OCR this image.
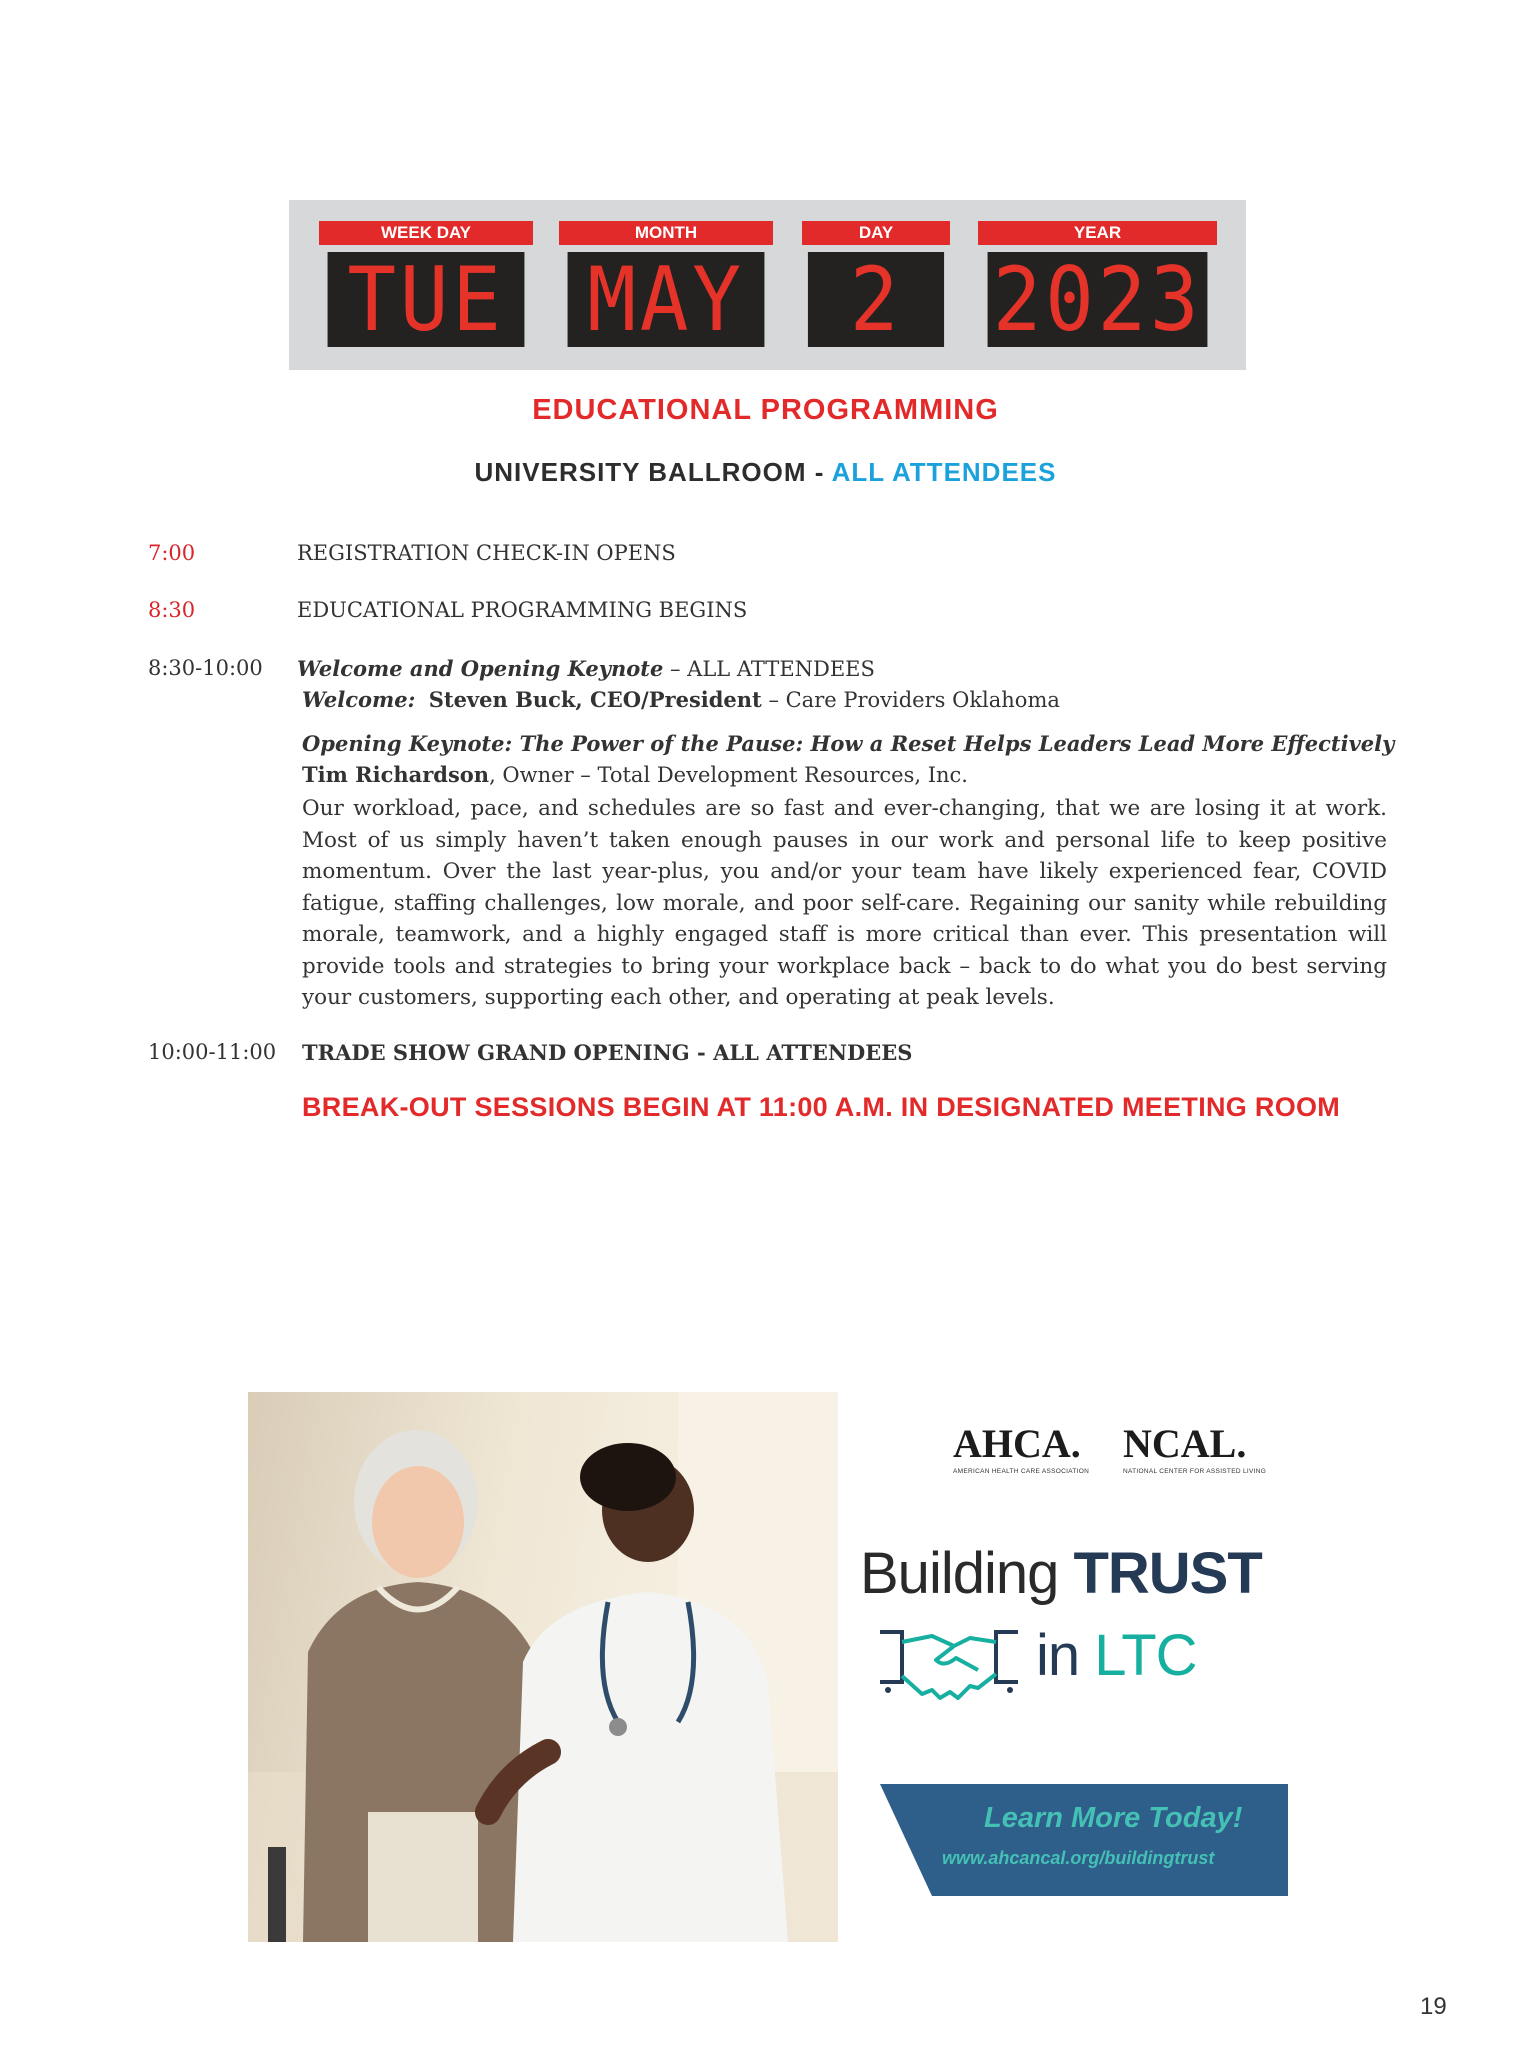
WEEK DAY
TUE
MONTH
MAY
DAY
2
YEAR
2023
EDUCATIONAL PROGRAMMING
UNIVERSITY BALLROOM - ALL ATTENDEES
7:00	REGISTRATION CHECK-IN OPENS
8:30	EDUCATIONAL PROGRAMMING BEGINS
8:30-10:00 Welcome and Opening Keynote – ALL ATTENDEES
Welcome: Steven Buck, CEO/President – Care Providers Oklahoma
Opening Keynote: The Power of the Pause: How a Reset Helps Leaders Lead More Effectively
Tim Richardson, Owner – Total Development Resources, Inc.
Our workload, pace, and schedules are so fast and ever-changing, that we are losing it at work. Most of us simply haven’t taken enough pauses in our work and personal life to keep positive momentum. Over the last year-plus, you and/or your team have likely experienced fear, COVID fatigue, staffing challenges, low morale, and poor self-care. Regaining our sanity while rebuilding morale, teamwork, and a highly engaged staff is more critical than ever. This presentation will provide tools and strategies to bring your workplace back – back to do what you do best serving your customers, supporting each other, and operating at peak levels.
10:00-11:00 TRADE SHOW GRAND OPENING - ALL ATTENDEES
BREAK-OUT SESSIONS BEGIN AT 11:00 A.M. IN DESIGNATED MEETING ROOM
AHCA.
AMERICAN HEALTH CARE ASSOCIATION
NCAL.
NATIONAL CENTER FOR ASSISTED LIVING
Building TRUST
in LTC
Learn More Today!
www.ahcancal.org/buildingtrust
19
